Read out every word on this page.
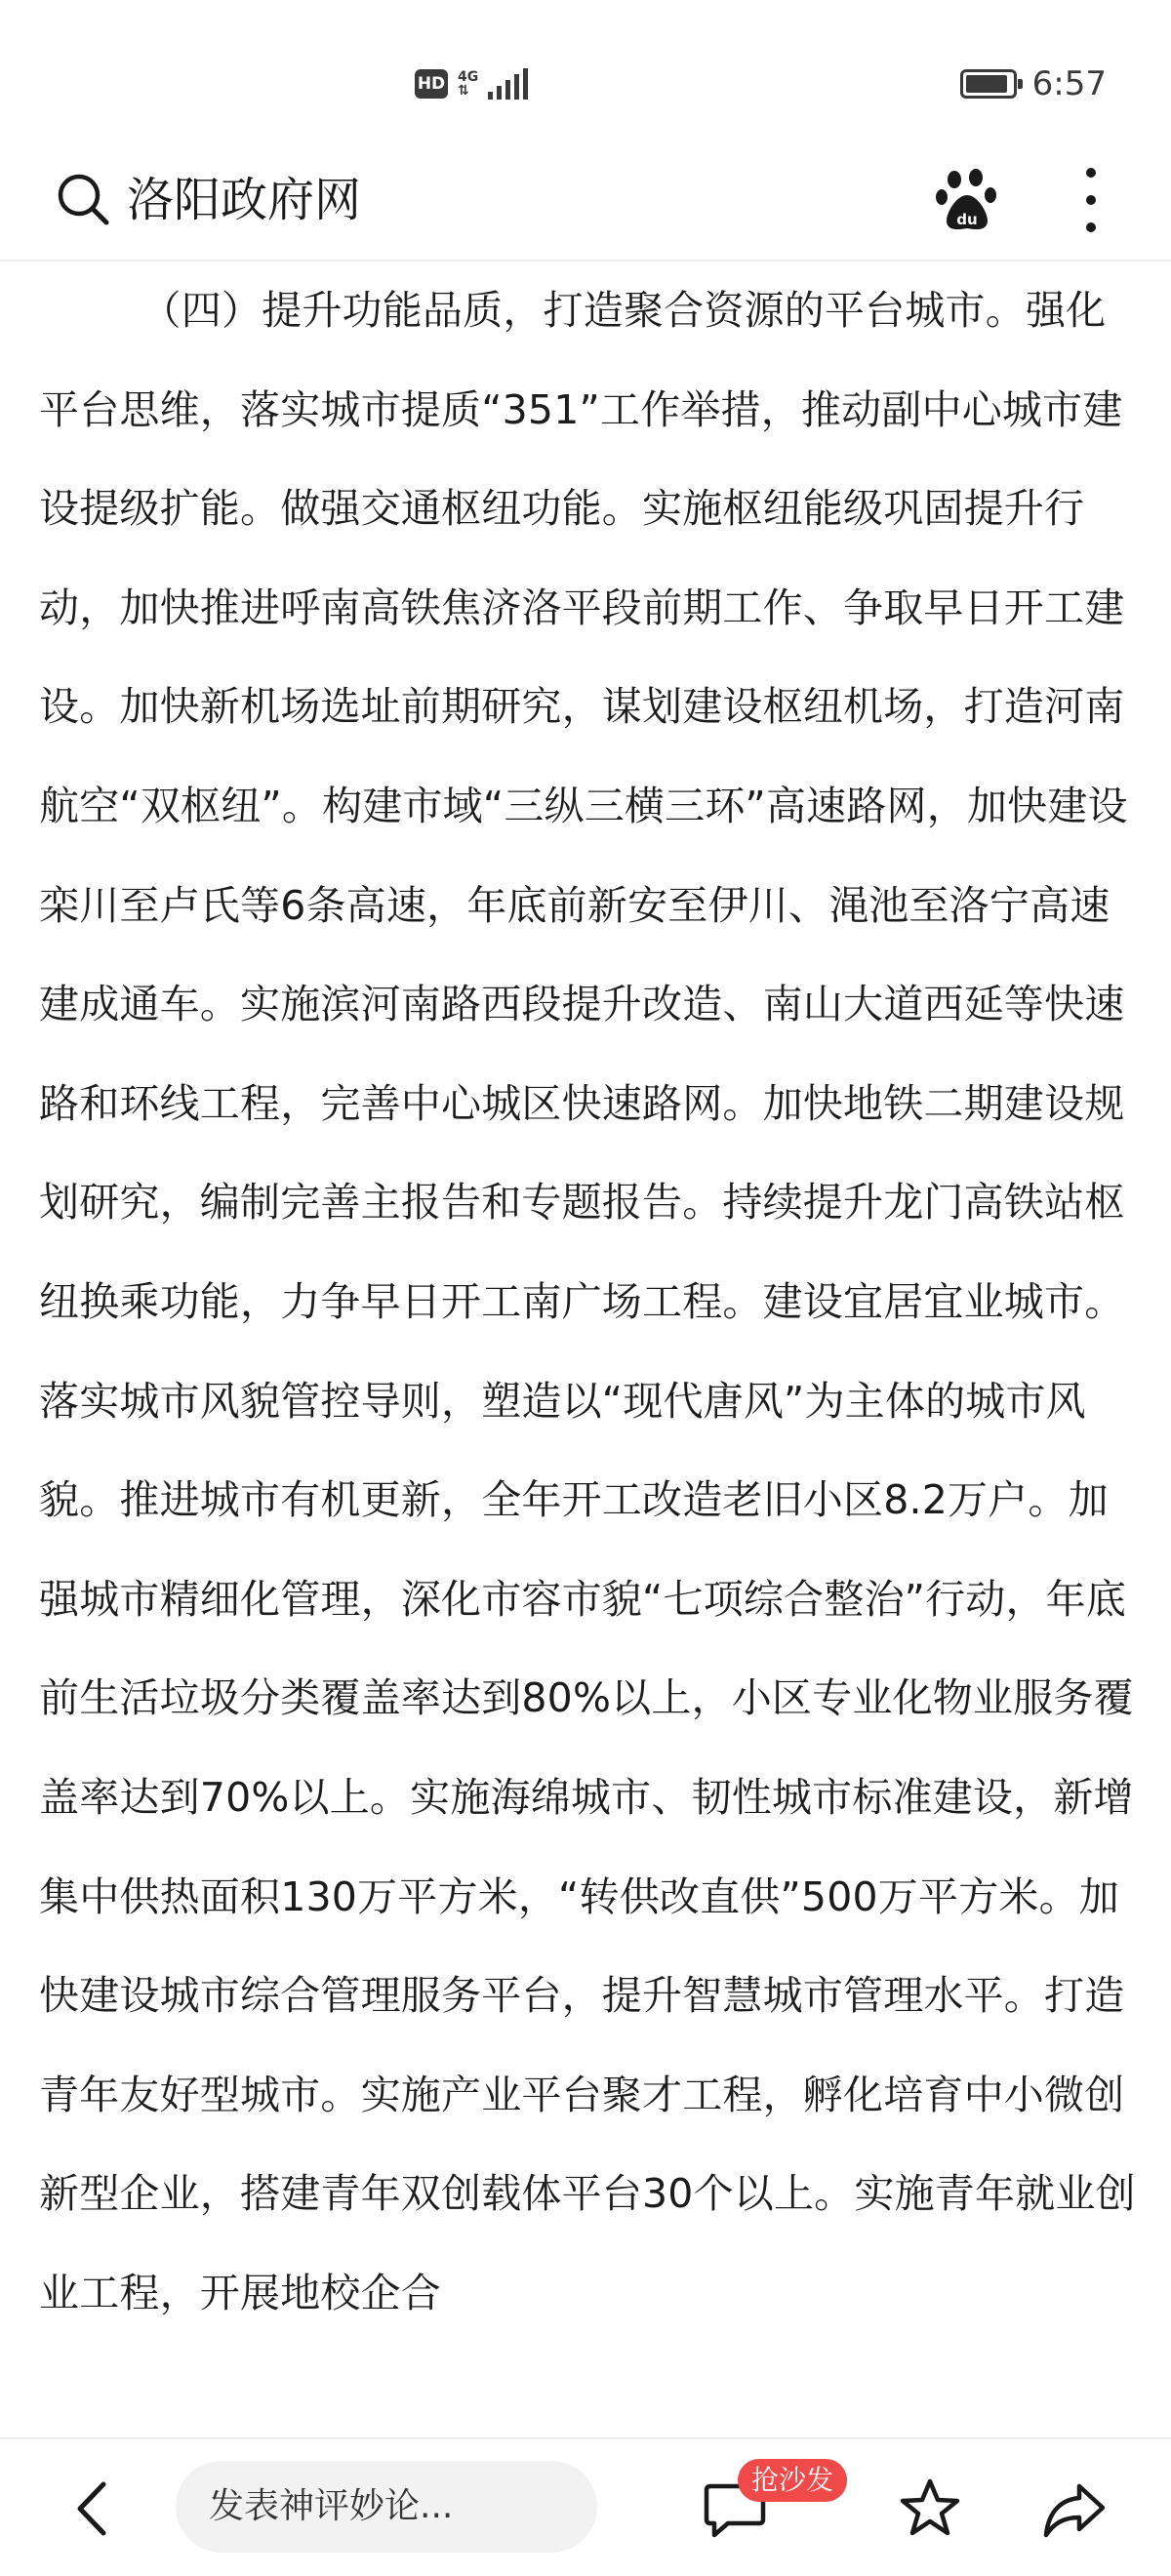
HD 4G
⇅	6:57
洛阳政府网	du

（四）提升功能品质，打造聚合资源的平台城市。强化平台思维，落实城市提质“351”工作举措，推动副中心城市建设提级扩能。做强交通枢纽功能。实施枢纽能级巩固提升行动，加快推进呼南高铁焦济洛平段前期工作、争取早日开工建设。加快新机场选址前期研究，谋划建设枢纽机场，打造河南航空“双枢纽”。构建市域“三纵三横三环”高速路网，加快建设栾川至卢氏等6条高速，年底前新安至伊川、渑池至洛宁高速建成通车。实施滨河南路西段提升改造、南山大道西延等快速路和环线工程，完善中心城区快速路网。加快地铁二期建设规划研究，编制完善主报告和专题报告。持续提升龙门高铁站枢纽换乘功能，力争早日开工南广场工程。建设宜居宜业城市。落实城市风貌管控导则，塑造以“现代唐风”为主体的城市风貌。推进城市有机更新，全年开工改造老旧小区8.2万户。加强城市精细化管理，深化市容市貌“七项综合整治”行动，年底前生活垃圾分类覆盖率达到80%以上，小区专业化物业服务覆盖率达到70%以上。实施海绵城市、韧性城市标准建设，新增集中供热面积130万平方米，“转供改直供”500万平方米。加快建设城市综合管理服务平台，提升智慧城市管理水平。打造青年友好型城市。实施产业平台聚才工程，孵化培育中小微创新型企业，搭建青年双创载体平台30个以上。实施青年就业创业工程，开展地校企合

发表神评妙论...
抢沙发
